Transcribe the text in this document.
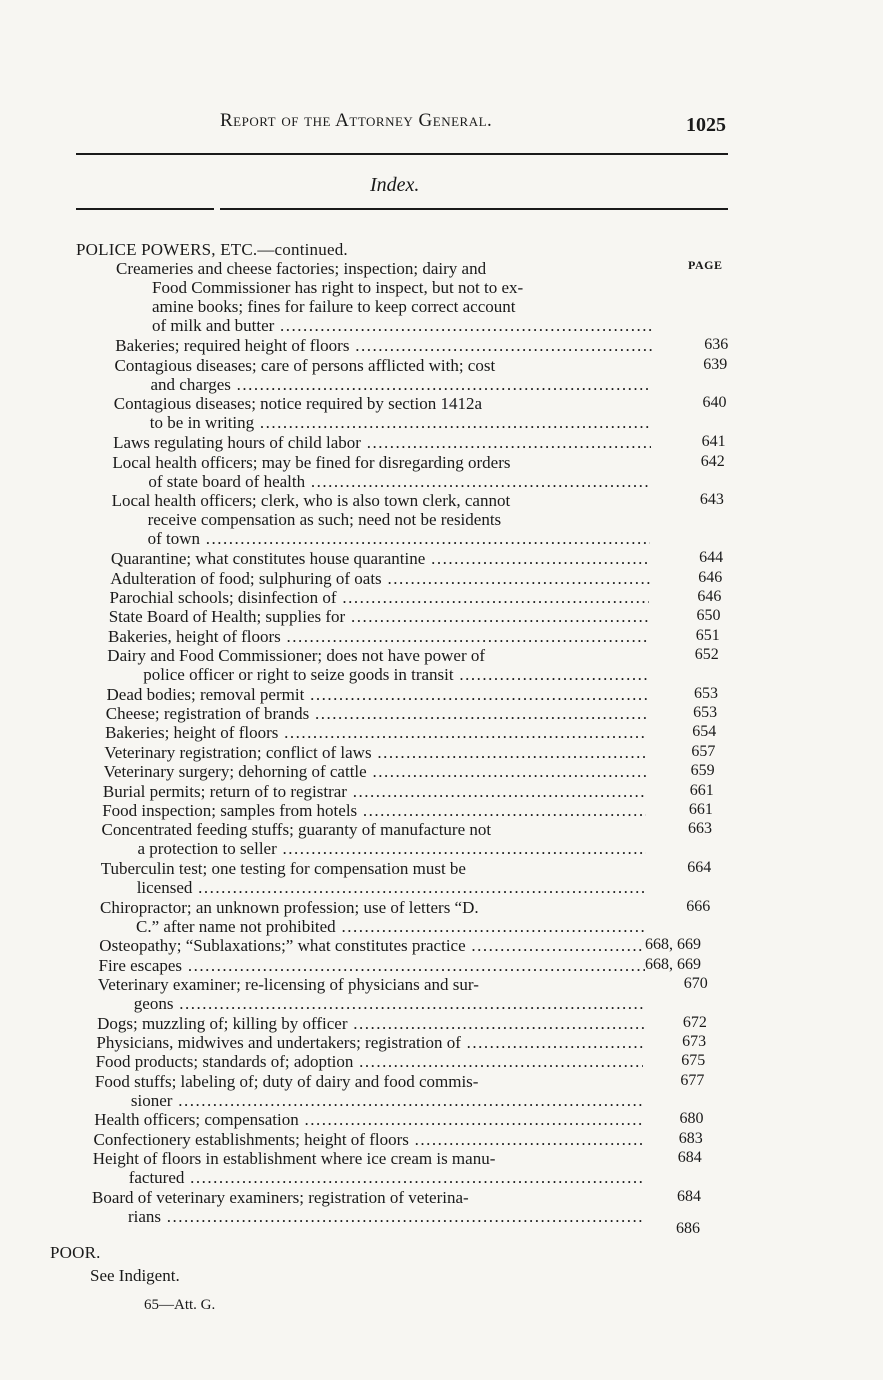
Report of the Attorney General.	1025
Index.
POLICE POWERS, ETC.—continued.
PAGE
Creameries and cheese factories; inspection; dairy and
Food Commissioner has right to inspect, but not to ex-
amine books; fines for failure to keep correct account
of milk and butter .....
Bakeries; required height of floors .....	636
Contagious diseases; care of persons afflicted with; cost
and charges .....
639
Contagious diseases; notice required by section 1412a
to be in writing .....
640
Laws regulating hours of child labor .....	641
Local health officers; may be fined for disregarding orders
of state board of health .....
642
Local health officers; clerk, who is also town clerk, cannot
receive compensation as such; need not be residents
of town .....
643
Quarantine; what constitutes house quarantine .....	644
Adulteration of food; sulphuring of oats .....	646
Parochial schools; disinfection of .....	646
State Board of Health; supplies for .....	650
Bakeries, height of floors .....	651
Dairy and Food Commissioner; does not have power of
police officer or right to seize goods in transit .....
652
Dead bodies; removal permit .....	653
Cheese; registration of brands .....	653
Bakeries; height of floors .....	654
Veterinary registration; conflict of laws .....	657
Veterinary surgery; dehorning of cattle .....	659
Burial permits; return of to registrar .....	661
Food inspection; samples from hotels .....	661
Concentrated feeding stuffs; guaranty of manufacture not
a protection to seller .....
663
Tuberculin test; one testing for compensation must be
licensed .....
664
Chiropractor; an unknown profession; use of letters “D.
C.” after name not prohibited .....
666
Osteopathy; “Sublaxations;” what constitutes practice .....	668, 669
Fire escapes .....	668, 669
Veterinary examiner; re-licensing of physicians and sur-
geons .....
670
Dogs; muzzling of; killing by officer .....	672
Physicians, midwives and undertakers; registration of .....	673
Food products; standards of; adoption .....	675
Food stuffs; labeling of; duty of dairy and food commis-
sioner .....
677
Health officers; compensation .....	680
Confectionery establishments; height of floors .....	683
Height of floors in establishment where ice cream is manu-
factured .....
684
Board of veterinary examiners; registration of veterina-
rians .....
684
686
POOR.
See Indigent.
65—Att. G.
